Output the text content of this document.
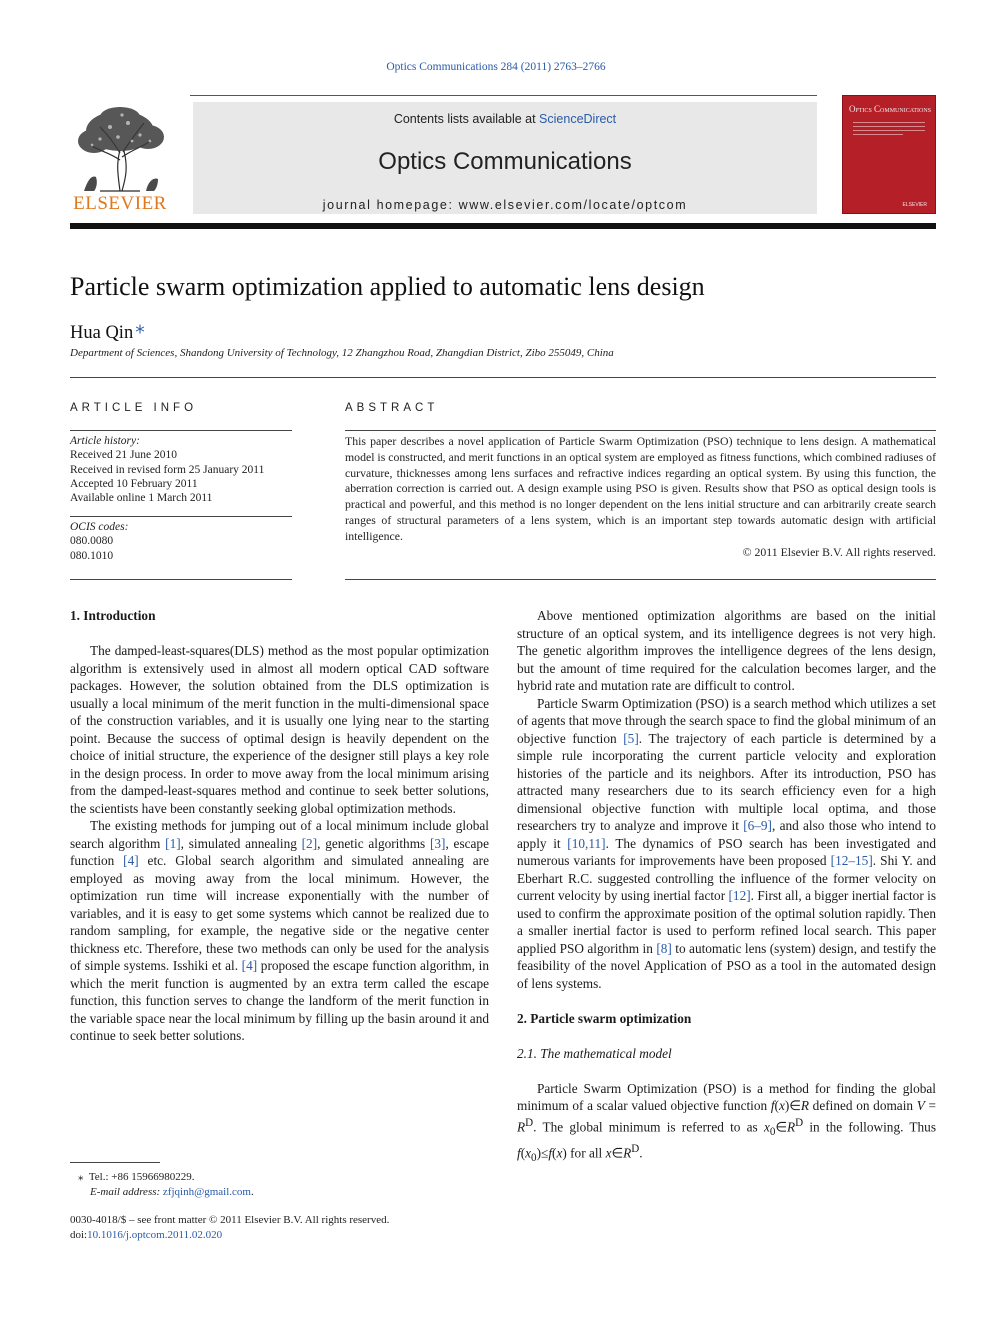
Optics Communications 284 (2011) 2763–2766
ELSEVIER
Contents lists available at ScienceDirect
Optics Communications
journal homepage: www.elsevier.com/locate/optcom
Optics Communications
ELSEVIER
Particle swarm optimization applied to automatic lens design
Hua Qin ⁎
Department of Sciences, Shandong University of Technology, 12 Zhangzhou Road, Zhangdian District, Zibo 255049, China
ARTICLE INFO
Article history:
Received 21 June 2010
Received in revised form 25 January 2011
Accepted 10 February 2011
Available online 1 March 2011
OCIS codes:
080.0080
080.1010
ABSTRACT
This paper describes a novel application of Particle Swarm Optimization (PSO) technique to lens design. A mathematical model is constructed, and merit functions in an optical system are employed as fitness functions, which combined radiuses of curvature, thicknesses among lens surfaces and refractive indices regarding an optical system. By using this function, the aberration correction is carried out. A design example using PSO is given. Results show that PSO as optical design tools is practical and powerful, and this method is no longer dependent on the lens initial structure and can arbitrarily create search ranges of structural parameters of a lens system, which is an important step towards automatic design with artificial intelligence.
© 2011 Elsevier B.V. All rights reserved.
1. Introduction

The damped-least-squares(DLS) method as the most popular optimization algorithm is extensively used in almost all modern optical CAD software packages. However, the solution obtained from the DLS optimization is usually a local minimum of the merit function in the multi-dimensional space of the construction variables, and it is usually one lying near to the starting point. Because the success of optimal design is heavily dependent on the choice of initial structure, the experience of the designer still plays a key role in the design process. In order to move away from the local minimum arising from the damped-least-squares method and continue to seek better solutions, the scientists have been constantly seeking global optimization methods.

The existing methods for jumping out of a local minimum include global search algorithm [1], simulated annealing [2], genetic algorithms [3], escape function [4] etc. Global search algorithm and simulated annealing are employed as moving away from the local minimum. However, the optimization run time will increase exponentially with the number of variables, and it is easy to get some systems which cannot be realized due to random sampling, for example, the negative side or the negative center thickness etc. Therefore, these two methods can only be used for the analysis of simple systems. Isshiki et al. [4] proposed the escape function algorithm, in which the merit function is augmented by an extra term called the escape function, this function serves to change the landform of the merit function in the variable space near the local minimum by filling up the basin around it and continue to seek better solutions.

Above mentioned optimization algorithms are based on the initial structure of an optical system, and its intelligence degrees is not very high. The genetic algorithm improves the intelligence degrees of the lens design, but the amount of time required for the calculation becomes larger, and the hybrid rate and mutation rate are difficult to control.

Particle Swarm Optimization (PSO) is a search method which utilizes a set of agents that move through the search space to find the global minimum of an objective function [5]. The trajectory of each particle is determined by a simple rule incorporating the current particle velocity and exploration histories of the particle and its neighbors. After its introduction, PSO has attracted many researchers due to its search efficiency even for a high dimensional objective function with multiple local optima, and those researchers try to analyze and improve it [6–9], and also those who intend to apply it [10,11]. The dynamics of PSO search has been investigated and numerous variants for improvements have been proposed [12–15]. Shi Y. and Eberhart R.C. suggested controlling the influence of the former velocity on current velocity by using inertial factor [12]. First all, a bigger inertial factor is used to confirm the approximate position of the optimal solution rapidly. Then a smaller inertial factor is used to perform refined local search. This paper applied PSO algorithm in [8] to automatic lens (system) design, and testify the feasibility of the novel Application of PSO as a tool in the automated design of lens systems.

2. Particle swarm optimization
2.1. The mathematical model

Particle Swarm Optimization (PSO) is a method for finding the global minimum of a scalar valued objective function f(x)∈R defined on domain $V = R^D$. The global minimum is referred to as $x_0\in R^D$ in the following. Thus $f(x_0)\le f(x)$ for all $x\in R^D$.

⁎ Tel.: +86 15966980229.
E-mail address: zfjqinh@gmail.com.
0030-4018/$ – see front matter © 2011 Elsevier B.V. All rights reserved.
doi:10.1016/j.optcom.2011.02.020
